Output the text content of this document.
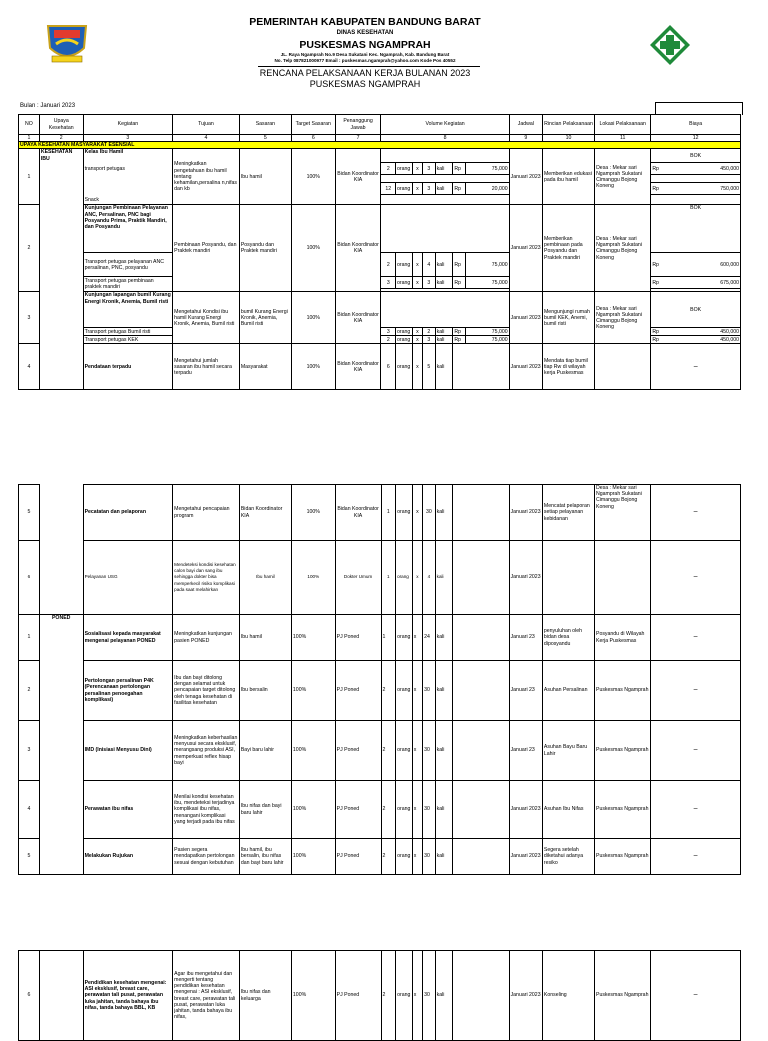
PEMERINTAH KABUPATEN BANDUNG BARAT
DINAS KESEHATAN
PUSKESMAS NGAMPRAH
JL. Raya Ngamprah No.9 Desa Sukatani Kec. Ngamprah, Kab. Bandung Barat
No. Telp 087821000977 Email : puskesmas.ngamprah@yahoo.com Kode Pos 40552
RENCANA PELAKSANAAN KERJA BULANAN 2023
PUSKESMAS NGAMPRAH
Bulan : Januari 2023
NO	Upaya Kesehatan	Kegiatan	Tujuan	Sasaran	Target Sasaran	Penanggung Jawab	Volume Kegiatan							Jadwal	Rincian Pelaksanaan	Lokasi Pelaksanaan	Biaya
1	2	3	4	5	6	7	8							9	10	11	12
UPAYA KESEHATAN MASYARAKAT ESENSIAL																	
1	KESEHATAN IBU	Kelas Ibu Hamil	Meningkatkan pengetahuan ibu hamil tentang kehamilan,persalina n,nifas dan kb	Ibu hamil	100%	Bidan Koordinator KIA								Januari 2023	Memberikan edukasi pada ibu hamil	Desa : Mekar sari Ngamprah Sukatani Cimanggu Bojong Koneng	BOK
		transport petugas					2	orang	x	3	kali	Rp	75,000				Rp 450,000

							12	orang	x	3	kali	Rp	20,000				Rp 750,000

		Snack															
2		Kunjungan Pembinaan Pelayanan ANC, Persalinan, PNC bagi Posyandu Prima, Praktik Mandiri, dan Posyandu	Pembinaan Posyandu, dan Praktek mandiri	Posyandu dan Praktek mandiri	100%	Bidan Koordinator KIA								Januari 2023	Memberikan pembinaan pada Posyandu dan Praktek mandiri	Desa : Mekar sari Ngamprah Sukatani Cimanggu Bojong Koneng	BOK
		Transport petugas pelayanan ANC persalinan, PNC, posyandu					2	orang	x	4	kali	Rp	75,000				Rp 600,000

		Transport petugas pembinaan praktek mandiri					3	orang	x	3	kali	Rp	75,000				Rp 675,000

3		Kunjungan lapangan bumil Kurang Energi Kronik, Anemia, Bumil risti	Mengetahui Kondisi ibu hamil Kurang Energi Kronik, Anemia, Bumil risti	bumil Kurang Energi Kronik, Anemia, Bumil risti	100%	Bidan Koordinator KIA								Januari 2023	Mengunjungi rumah bumil KEK, Anemi, bumil risti	Desa : Mekar sari Ngamprah Sukatani Cimanggu Bojong Koneng	BOK
		Transport petugas Bumil risti					3	orang	x	2	kali	Rp	75,000				Rp 450,000

		Transport petugas KEK					2	orang	x	3	kali	Rp	75,000				Rp 450,000

4		Pendataan terpadu	Mengetahui jumlah sasaran ibu hamil secara terpadu	Masyarakat	100%	Bidan Koordinator KIA	6	orang	x	5	kali			Januari 2023	Mendata tiap bumil tiap Rw di wilayah kerja Puskesmas		–
5		Pecatatan dan pelaporan	Mengetahui pencapaian program	Bidan Koordinator KIA	100%	Bidan Koordinator KIA	1	orang	x	30	kali		Januari 2023	Mencatat pelaporan setiap pelayanan kebidanan	Desa : Mekar sari Ngamprah Sukatani Cimanggu Bojong Koneng	–
6		Pelayanan USG	Mendeteksi kondisi kesehatan calon bayi dan sang ibu sehingga dokter bisa memperkecil risiko komplikasi pada saat melahirkan	Ibu hamil	100%	Dokter Umum	1	orang	x	4	kali		Januari 2023			–
1	PONED	Sosialisasi kepada masyarakat mengenai pelayanan PONED	Meningkatkan kunjungan pasien PONED	Ibu hamil	100%	PJ Poned	1	orang	x	24	kali		Januari 23	penyuluhan oleh bidan desa diposyandu	Posyandu di Wilayah Kerja Puskesmas	–
2		Pertolongan persalinan P4K (Perencanaan pertolongan persalinan penoegahan komplikasi)	Ibu dan bayi ditolong dengan selamat untuk pencapaian target ditolong oleh tenaga kesehatan di fasilitas kesehatan	Ibu bersalin	100%	PJ Poned	2	orang	x	30	kali		Januari 23	Asuhan Persalinan	Puskesmas Ngamprah	–
3		IMD (Inisiasi Menyusu Dini)	Meningkatkan keberhasilan menyusui secara eksklusif, merangsang produksi ASI, memperkuat reflex hisap bayi	Bayi baru lahir	100%	PJ Poned	2	orang	x	30	kali		Januari 23	Asuhan Bayu Baru Lahir	Puskesmas Ngamprah	–
4		Perawatan ibu nifas	Menilai kondisi kesehatan ibu, mendeteksi terjadinya komplikasi ibu nifas, menangani komplikasi yang terjadi pada ibu nifas	Ibu nifas dan bayi baru lahir	100%	PJ Poned	2	orang	x	30	kali		Januari 2023	Asuhan Ibu Nifas	Puskesmas Ngamprah	–
5		Melakukan Rujukan	Pasien segera mendapatkan pertolongan sesuai dengan kebutuhan	Ibu hamil, ibu bersalin, ibu nifas dan bayi baru lahir	100%	PJ Poned	2	orang	x	30	kali		Januari 2023	Segera setelah diketahui adanya resiko	Puskesmas Ngamprah	–
6		Pendidikan kesehatan mengenai: ASI eksklusif, breast care, perawatan tali pusat, perawatan luka jahitan, tanda bahaya ibu nifas, tanda bahaya BBL, KB	Agar ibu mengetahui dan mengerti tentang pendidikan kesehatan mengenai : ASI eksklusif, breast care, perawatan tali pusat, perawatan luka jahitan, tanda bahaya ibu nifas,	Ibu nifas dan keluarga	100%	PJ Poned	2	orang	x	30	kali		Januari 2023	Konseling	Puskesmas Ngamprah	–
